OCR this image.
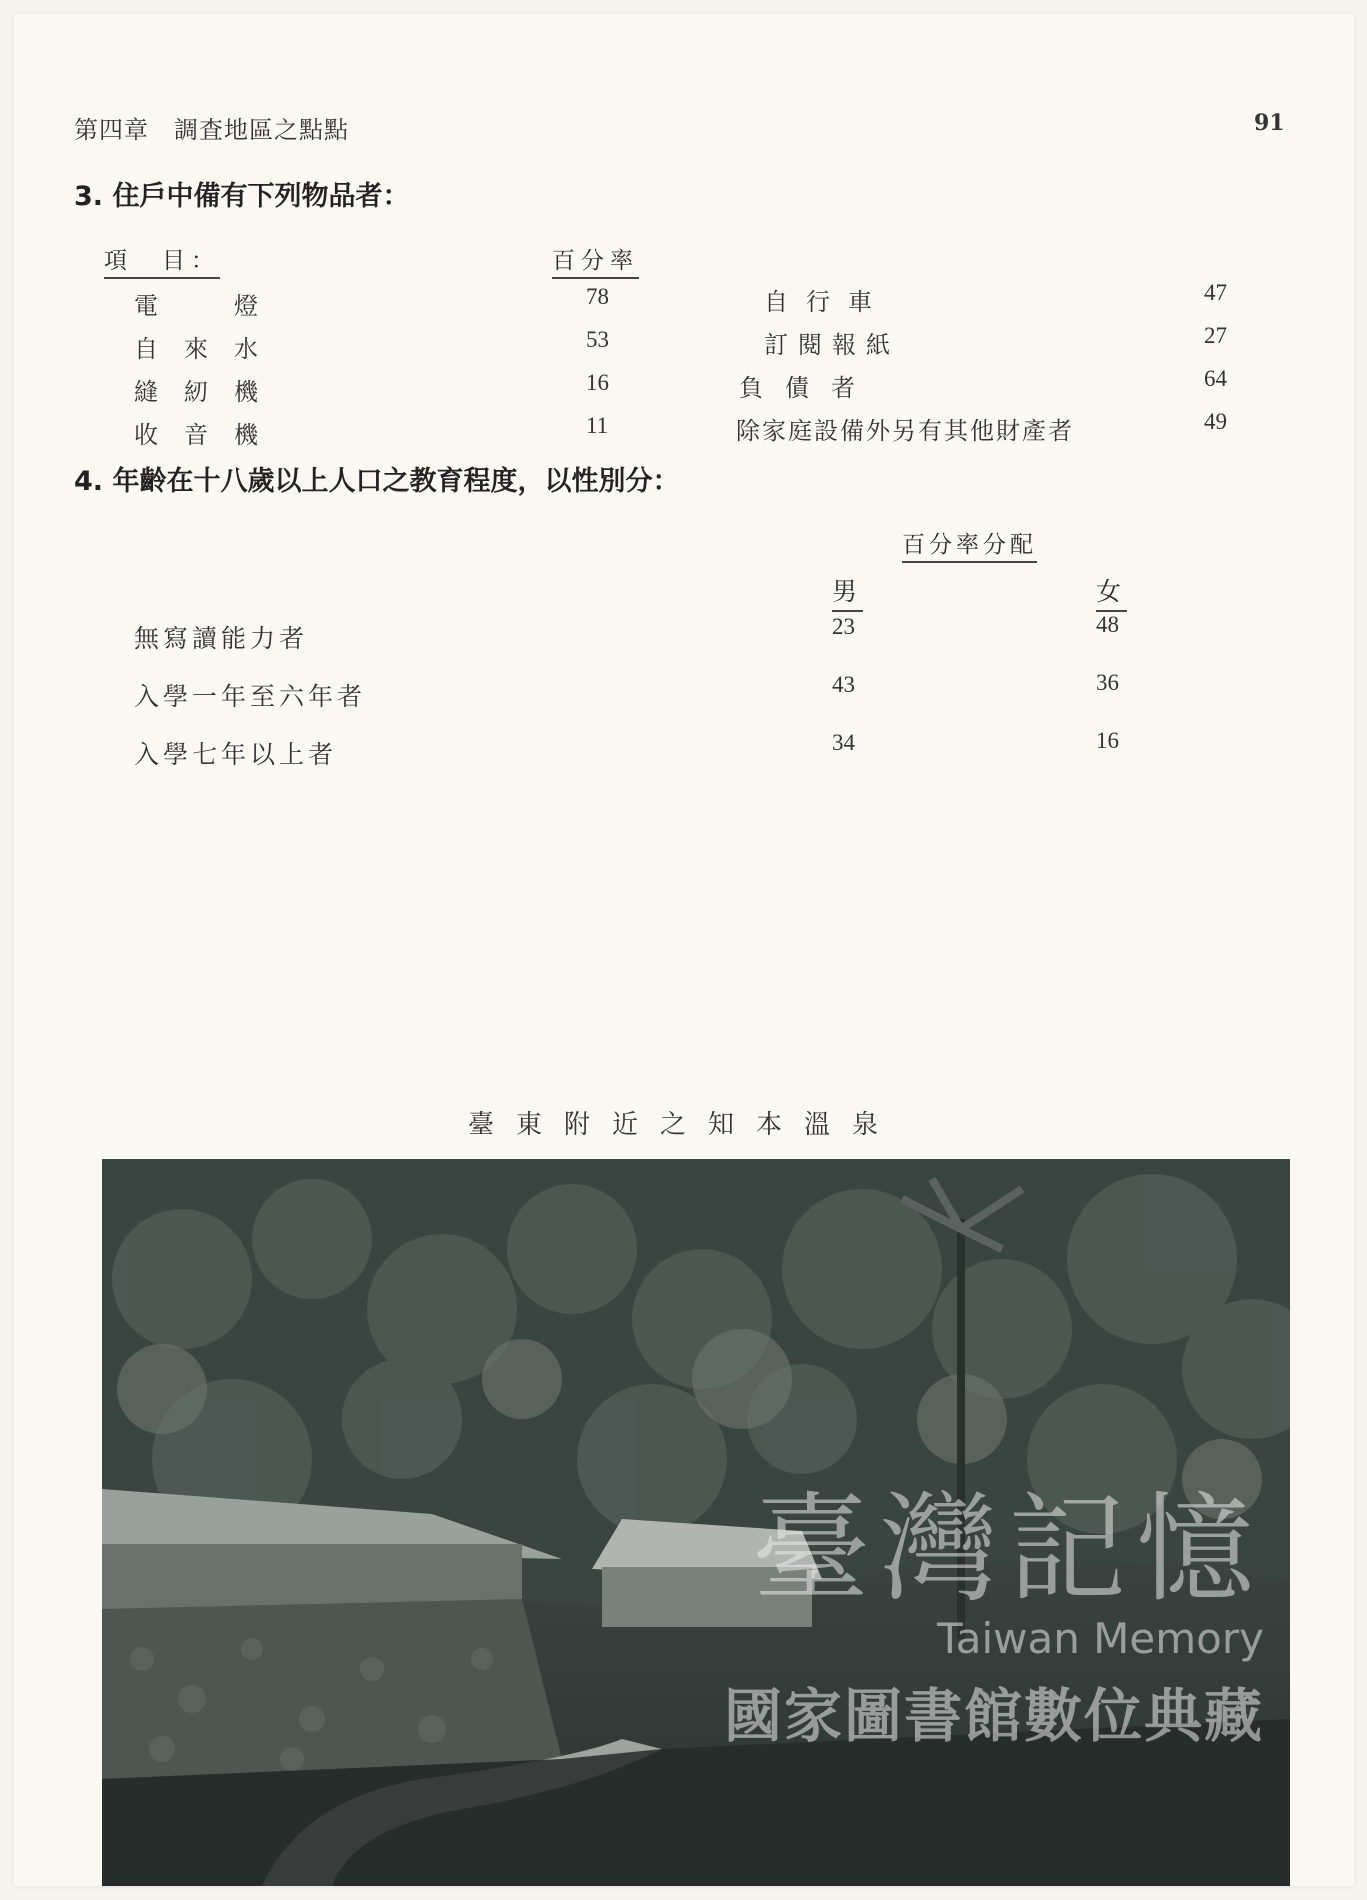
第四章　調査地區之點點	91
3. 住戶中備有下列物品者：
項　目：	百分率
電　燈	78
自來水	53
縫紉機	16
收音機	11
自行車	47
訂閱報紙	27
負債者	64
除家庭設備外另有其他財產者	49
4. 年齡在十八歲以上人口之教育程度，以性別分：
百分率分配
男	女
無寫讀能力者	23	48
入學一年至六年者	43	36
入學七年以上者	34	16
臺東附近之知本溫泉
臺灣記憶
Taiwan Memory
國家圖書館數位典藏
